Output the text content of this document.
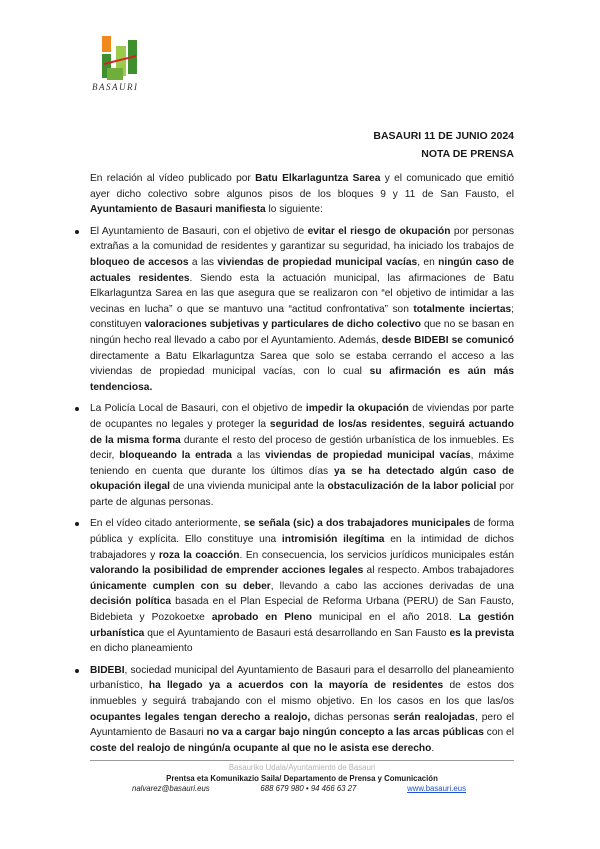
BASAURI
BASAURI 11 DE JUNIO 2024
NOTA DE PRENSA

En relación al vídeo publicado por Batu Elkarlaguntza Sarea y el comunicado que emitió ayer dicho colectivo sobre algunos pisos de los bloques 9 y 11 de San Fausto, el Ayuntamiento de Basauri manifiesta lo siguiente:

El Ayuntamiento de Basauri, con el objetivo de evitar el riesgo de okupación por personas extrañas a la comunidad de residentes y garantizar su seguridad, ha iniciado los trabajos de bloqueo de accesos a las viviendas de propiedad municipal vacías, en ningún caso de actuales residentes. Siendo esta la actuación municipal, las afirmaciones de Batu Elkarlaguntza Sarea en las que asegura que se realizaron con “el objetivo de intimidar a las vecinas en lucha” o que se mantuvo una “actitud confrontativa” son totalmente inciertas; constituyen valoraciones subjetivas y particulares de dicho colectivo que no se basan en ningún hecho real llevado a cabo por el Ayuntamiento. Además, desde BIDEBI se comunicó directamente a Batu Elkarlaguntza Sarea que solo se estaba cerrando el acceso a las viviendas de propiedad municipal vacías, con lo cual su afirmación es aún más tendenciosa.
La Policía Local de Basauri, con el objetivo de impedir la okupación de viviendas por parte de ocupantes no legales y proteger la seguridad de los/as residentes, seguirá actuando de la misma forma durante el resto del proceso de gestión urbanística de los inmuebles. Es decir, bloqueando la entrada a las viviendas de propiedad municipal vacías, máxime teniendo en cuenta que durante los últimos días ya se ha detectado algún caso de okupación ilegal de una vivienda municipal ante la obstaculización de la labor policial por parte de algunas personas.
En el vídeo citado anteriormente, se señala (sic) a dos trabajadores municipales de forma pública y explícita. Ello constituye una intromisión ilegítima en la intimidad de dichos trabajadores y roza la coacción. En consecuencia, los servicios jurídicos municipales están valorando la posibilidad de emprender acciones legales al respecto. Ambos trabajadores únicamente cumplen con su deber, llevando a cabo las acciones derivadas de una decisión política basada en el Plan Especial de Reforma Urbana (PERU) de San Fausto, Bidebieta y Pozokoetxe aprobado en Pleno municipal en el año 2018. La gestión urbanística que el Ayuntamiento de Basauri está desarrollando en San Fausto es la prevista en dicho planeamiento
BIDEBI, sociedad municipal del Ayuntamiento de Basauri para el desarrollo del planeamiento urbanístico, ha llegado ya a acuerdos con la mayoría de residentes de estos dos inmuebles y seguirá trabajando con el mismo objetivo. En los casos en los que las/os ocupantes legales tengan derecho a realojo, dichas personas serán realojadas, pero el Ayuntamiento de Basauri no va a cargar bajo ningún concepto a las arcas públicas con el coste del realojo de ningún/a ocupante al que no le asista ese derecho.
Basauriko Udala/Ayuntamiento de Basauri
Prentsa eta Komunikazio Saila/ Departamento de Prensa y Comunicación
nalvarez@basauri.eus	688 679 980 • 94 466 63 27	www.basauri.eus
